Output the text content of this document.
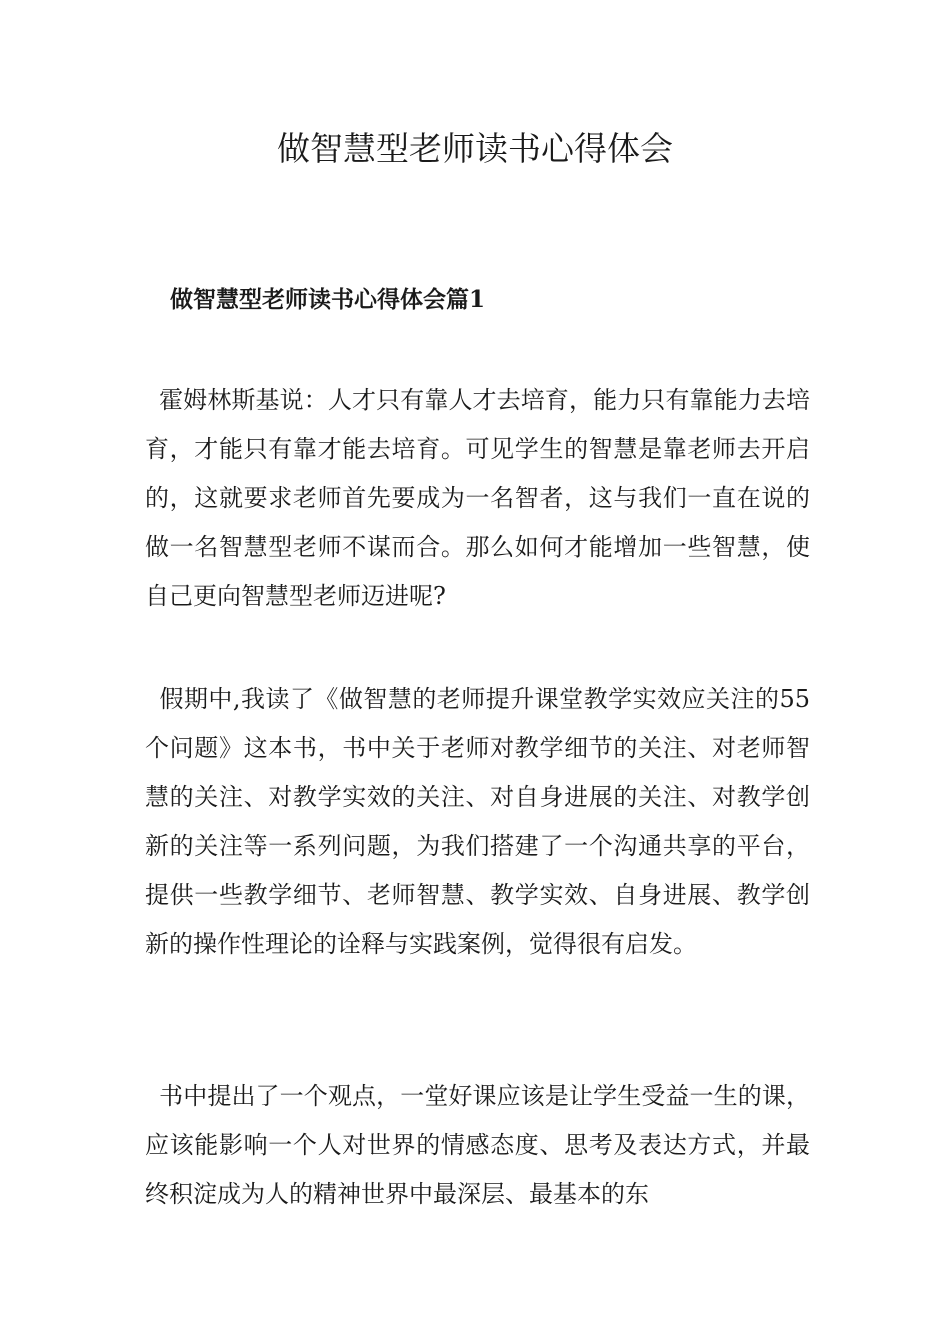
做智慧型老师读书心得体会
做智慧型老师读书心得体会篇1

霍姆林斯基说：人才只有靠人才去培育，能力只有靠能力去培育，才能只有靠才能去培育。可见学生的智慧是靠老师去开启的，这就要求老师首先要成为一名智者，这与我们一直在说的做一名智慧型老师不谋而合。那么如何才能增加一些智慧，使自己更向智慧型老师迈进呢?

假期中,我读了《做智慧的老师提升课堂教学实效应关注的55个问题》这本书，书中关于老师对教学细节的关注、对老师智慧的关注、对教学实效的关注、对自身进展的关注、对教学创新的关注等一系列问题，为我们搭建了一个沟通共享的平台，提供一些教学细节、老师智慧、教学实效、自身进展、教学创新的操作性理论的诠释与实践案例，觉得很有启发。

书中提出了一个观点，一堂好课应该是让学生受益一生的课，应该能影响一个人对世界的情感态度、思考及表达方式，并最终积淀成为人的精神世界中最深层、最基本的东
